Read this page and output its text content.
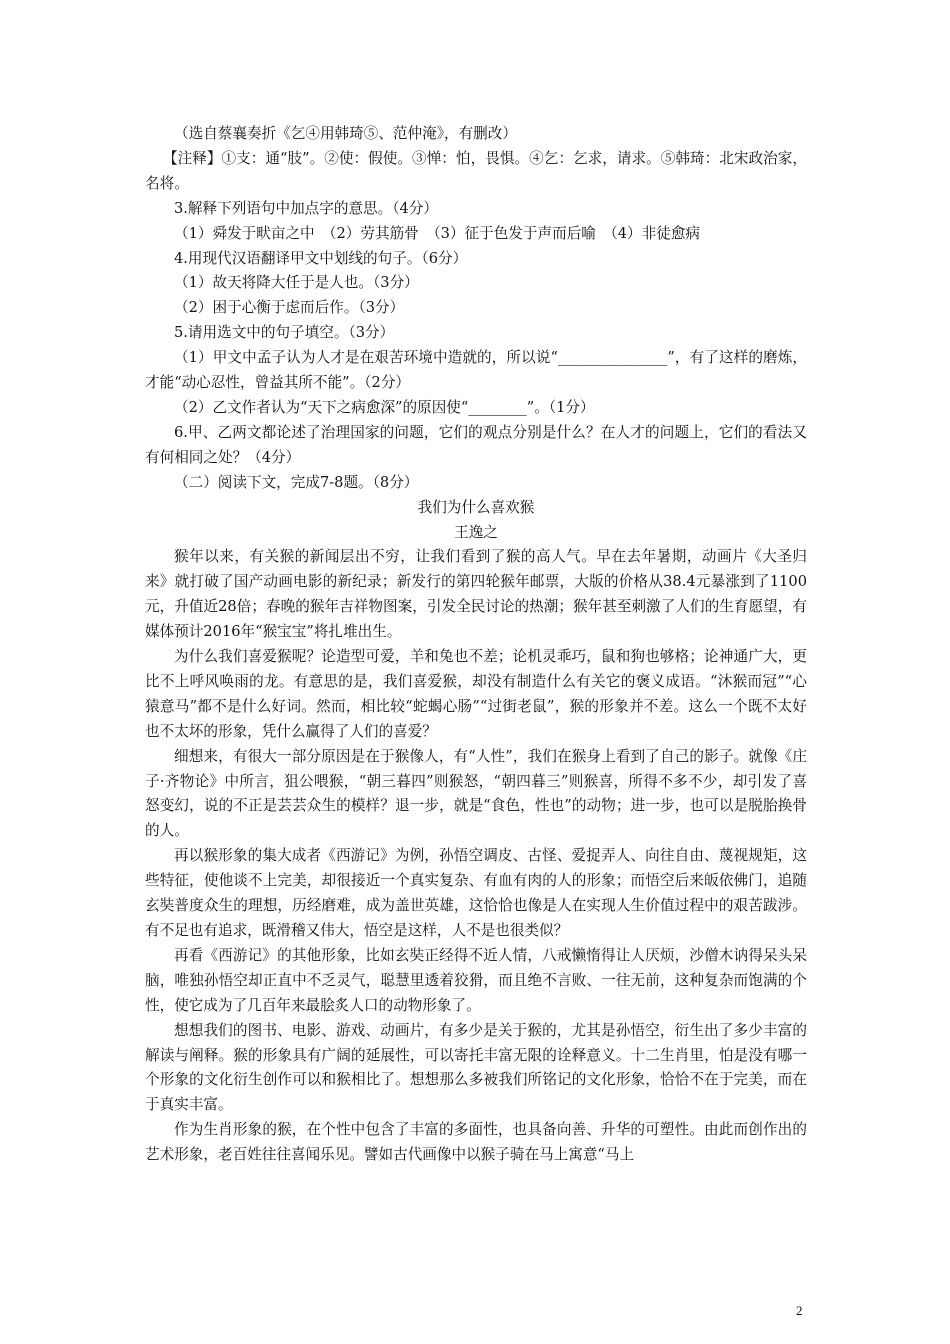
（选自蔡襄奏折《乞④用韩琦⑤、范仲淹》，有删改）

【注释】①支：通“肢”。②使：假使。③惮：怕，畏惧。④乞：乞求，请求。⑤韩琦：北宋政治家，名将。

3.解释下列语句中加点字的意思。（4分）

（1）舜发于畎亩之中　（2）劳其筋骨　（3）征于色发于声而后喻　（4）非徒愈病

4.用现代汉语翻译甲文中划线的句子。（6分）

（1）故天将降大任于是人也。（3分）

（2）困于心衡于虑而后作。（3分）

5.请用选文中的句子填空。（3分）

（1）甲文中孟子认为人才是在艰苦环境中造就的，所以说“_______________”，有了这样的磨炼，才能“动心忍性，曾益其所不能”。（2分）

（2）乙文作者认为“天下之病愈深”的原因使“________”。（1分）

6.甲、乙两文都论述了治理国家的问题，它们的观点分别是什么？在人才的问题上，它们的看法又有何相同之处？（4分）

（二）阅读下文，完成7-8题。（8分）

我们为什么喜欢猴

王逸之

猴年以来，有关猴的新闻层出不穷，让我们看到了猴的高人气。早在去年暑期，动画片《大圣归来》就打破了国产动画电影的新纪录；新发行的第四轮猴年邮票，大版的价格从38.4元暴涨到了1100元，升值近28倍；春晚的猴年吉祥物图案，引发全民讨论的热潮；猴年甚至刺激了人们的生育愿望，有媒体预计2016年“猴宝宝”将扎堆出生。

为什么我们喜爱猴呢？论造型可爱，羊和兔也不差；论机灵乖巧，鼠和狗也够格；论神通广大，更比不上呼风唤雨的龙。有意思的是，我们喜爱猴，却没有制造什么有关它的褒义成语。“沐猴而冠”“心猿意马”都不是什么好词。然而，相比较“蛇蝎心肠”“过街老鼠”，猴的形象并不差。这么一个既不太好也不太坏的形象，凭什么赢得了人们的喜爱？

细想来，有很大一部分原因是在于猴像人，有“人性”，我们在猴身上看到了自己的影子。就像《庄子·齐物论》中所言，狙公喂猴，“朝三暮四”则猴怒，“朝四暮三”则猴喜，所得不多不少，却引发了喜怒变幻，说的不正是芸芸众生的模样？退一步，就是“食色，性也”的动物；进一步，也可以是脱胎换骨的人。

再以猴形象的集大成者《西游记》为例，孙悟空调皮、古怪、爱捉弄人、向往自由、蔑视规矩，这些特征，使他谈不上完美，却很接近一个真实复杂、有血有肉的人的形象；而悟空后来皈依佛门，追随玄奘普度众生的理想，历经磨难，成为盖世英雄，这恰恰也像是人在实现人生价值过程中的艰苦跋涉。有不足也有追求，既滑稽又伟大，悟空是这样，人不是也很类似？

再看《西游记》的其他形象，比如玄奘正经得不近人情，八戒懒惰得让人厌烦，沙僧木讷得呆头呆脑，唯独孙悟空却正直中不乏灵气，聪慧里透着狡猾，而且绝不言败、一往无前，这种复杂而饱满的个性，使它成为了几百年来最脍炙人口的动物形象了。

想想我们的图书、电影、游戏、动画片，有多少是关于猴的，尤其是孙悟空，衍生出了多少丰富的解读与阐释。猴的形象具有广阔的延展性，可以寄托丰富无限的诠释意义。十二生肖里，怕是没有哪一个形象的文化衍生创作可以和猴相比了。想想那么多被我们所铭记的文化形象，恰恰不在于完美，而在于真实丰富。

作为生肖形象的猴，在个性中包含了丰富的多面性，也具备向善、升华的可塑性。由此而创作出的艺术形象，老百姓往往喜闻乐见。譬如古代画像中以猴子骑在马上寓意“马上

2
